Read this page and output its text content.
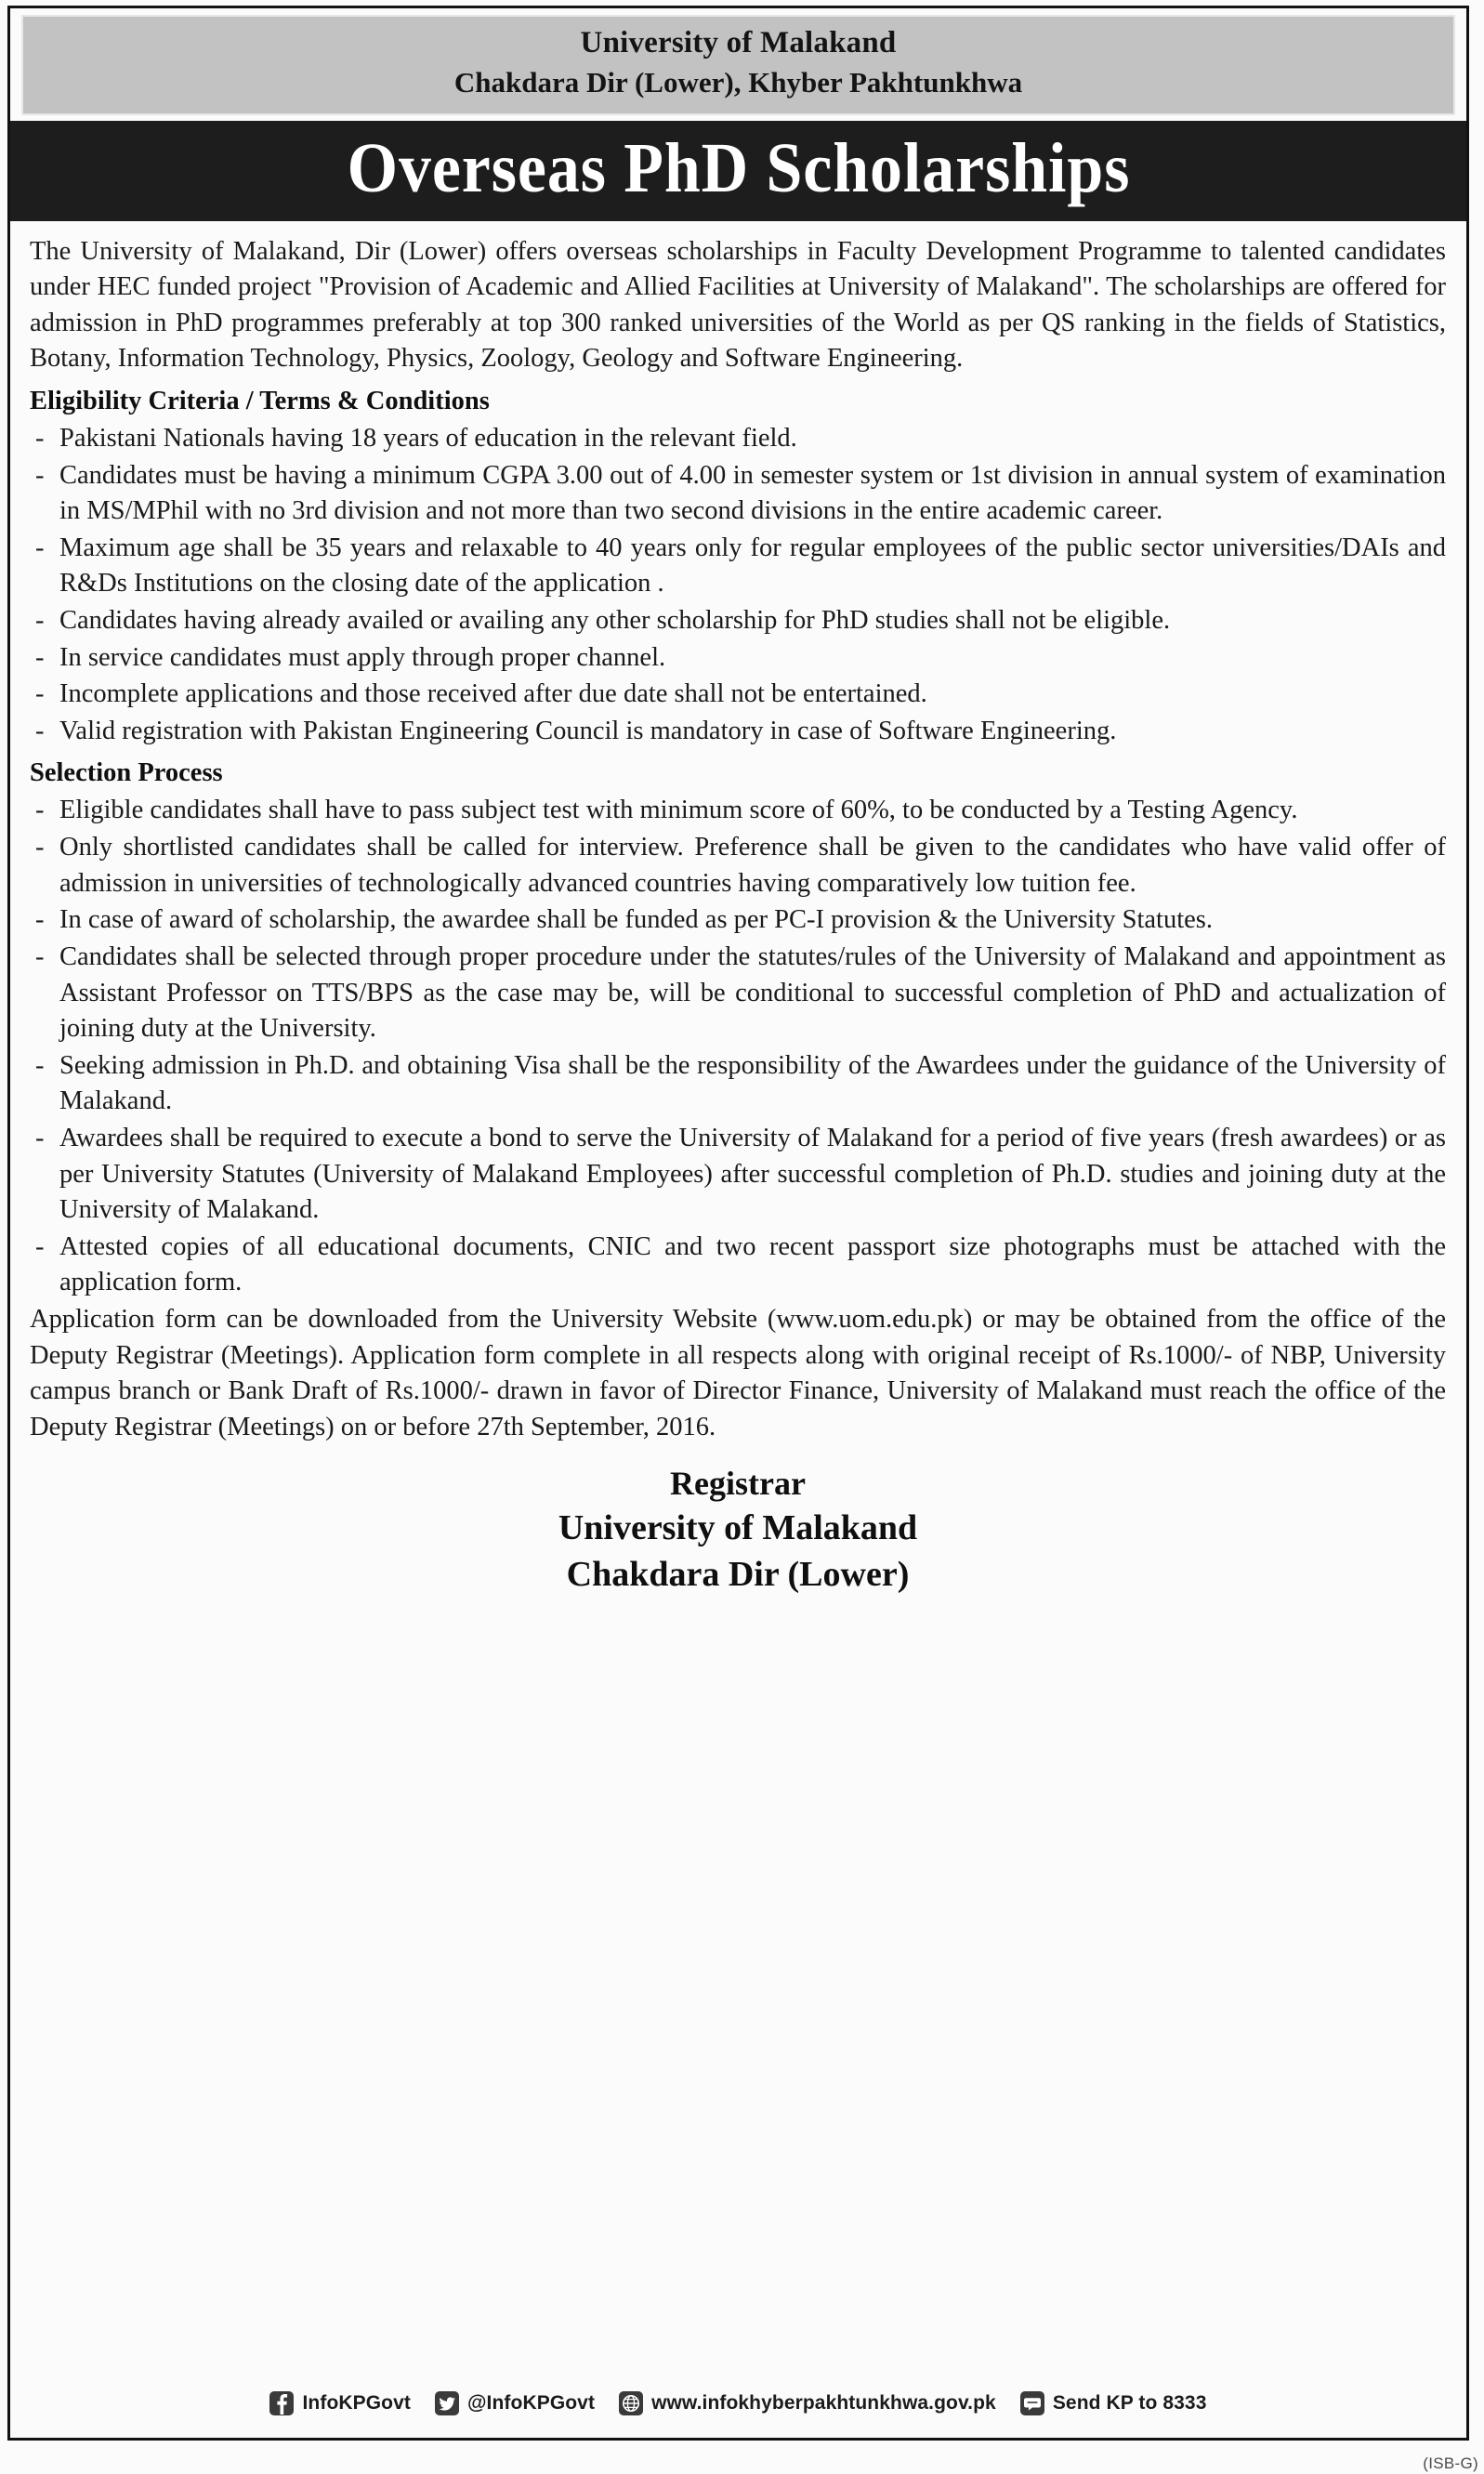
University of Malakand
Chakdara Dir (Lower), Khyber Pakhtunkhwa
Overseas PhD Scholarships

The University of Malakand, Dir (Lower) offers overseas scholarships in Faculty Development Programme to talented candidates under HEC funded project "Provision of Academic and Allied Facilities at University of Malakand". The scholarships are offered for admission in PhD programmes preferably at top 300 ranked universities of the World as per QS ranking in the fields of Statistics, Botany, Information Technology, Physics, Zoology, Geology and Software Engineering.

Eligibility Criteria / Terms & Conditions
- Pakistani Nationals having 18 years of education in the relevant field.
- Candidates must be having a minimum CGPA 3.00 out of 4.00 in semester system or 1st division in annual system of examination in MS/MPhil with no 3rd division and not more than two second divisions in the entire academic career.
- Maximum age shall be 35 years and relaxable to 40 years only for regular employees of the public sector universities/DAIs and R&Ds Institutions on the closing date of the application .
- Candidates having already availed or availing any other scholarship for PhD studies shall not be eligible.
- In service candidates must apply through proper channel.
- Incomplete applications and those received after due date shall not be entertained.
- Valid registration with Pakistan Engineering Council is mandatory in case of Software Engineering.
Selection Process
- Eligible candidates shall have to pass subject test with minimum score of 60%, to be conducted by a Testing Agency.
- Only shortlisted candidates shall be called for interview. Preference shall be given to the candidates who have valid offer of admission in universities of technologically advanced countries having comparatively low tuition fee.
- In case of award of scholarship, the awardee shall be funded as per PC-I provision & the University Statutes.
- Candidates shall be selected through proper procedure under the statutes/rules of the University of Malakand and appointment as Assistant Professor on TTS/BPS as the case may be, will be conditional to successful completion of PhD and actualization of joining duty at the University.
- Seeking admission in Ph.D. and obtaining Visa shall be the responsibility of the Awardees under the guidance of the University of Malakand.
- Awardees shall be required to execute a bond to serve the University of Malakand for a period of five years (fresh awardees) or as per University Statutes (University of Malakand Employees) after successful completion of Ph.D. studies and joining duty at the University of Malakand.
- Attested copies of all educational documents, CNIC and two recent passport size photographs must be attached with the application form.

Application form can be downloaded from the University Website (www.uom.edu.pk) or may be obtained from the office of the Deputy Registrar (Meetings). Application form complete in all respects along with original receipt of Rs.1000/- of NBP, University campus branch or Bank Draft of Rs.1000/- drawn in favor of Director Finance, University of Malakand must reach the office of the Deputy Registrar (Meetings) on or before 27th September, 2016.

Registrar
University of Malakand
Chakdara Dir (Lower)
InfoKPGovt	@InfoKPGovt	www.infokhyberpakhtunkhwa.gov.pk	Send KP to 8333
(ISB-G)
